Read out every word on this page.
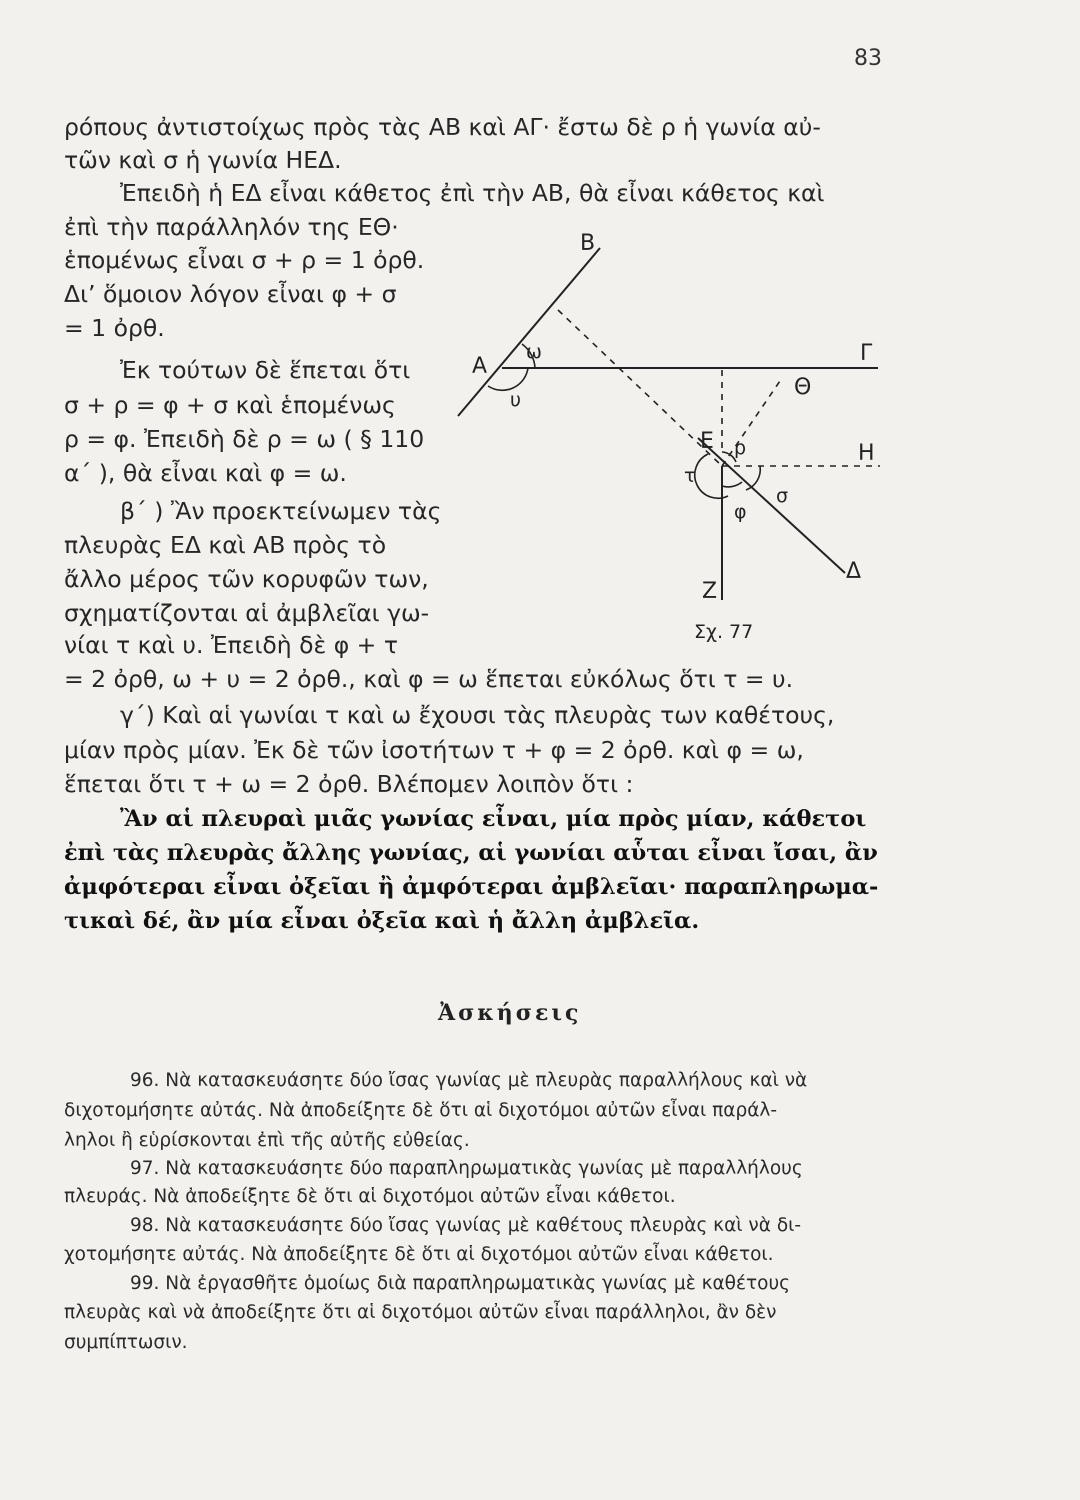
83
ρόπους ἀντιστοίχως πρὸς τὰς ΑΒ καὶ ΑΓ· ἔστω δὲ ρ ἡ γωνία αὐ-
τῶν καὶ σ ἡ γωνία ΗΕΔ.
Ἐπειδὴ ἡ ΕΔ εἶναι κάθετος ἐπὶ τὴν ΑΒ, θὰ εἶναι κάθετος καὶ
ἐπὶ τὴν παράλληλόν της ΕΘ·
ἑπομένως εἶναι σ + ρ = 1 ὀρθ.
Δι’ ὅμοιον λόγον εἶναι φ + σ
= 1 ὀρθ.
Ἐκ τούτων δὲ ἕπεται ὅτι
σ + ρ = φ + σ καὶ ἑπομένως
ρ = φ. Ἐπειδὴ δὲ ρ = ω ( § 110
α΄ ), θὰ εἶναι καὶ φ = ω.
β΄ ) Ἂν προεκτείνωμεν τὰς
πλευρὰς ΕΔ καὶ ΑΒ πρὸς τὸ
ἄλλο μέρος τῶν κορυφῶν των,
σχηματίζονται αἱ ἀμβλεῖαι γω-
νίαι τ καὶ υ. Ἐπειδὴ δὲ φ + τ
= 2 ὀρθ, ω + υ = 2 ὀρθ., καὶ φ = ω ἕπεται εὐκόλως ὅτι τ = υ.
γ΄) Καὶ αἱ γωνίαι τ καὶ ω ἔχουσι τὰς πλευρὰς των καθέτους,
μίαν πρὸς μίαν. Ἐκ δὲ τῶν ἰσοτήτων τ + φ = 2 ὀρθ. καὶ φ = ω,
ἕπεται ὅτι τ + ω = 2 ὀρθ. Βλέπομεν λοιπὸν ὅτι :
Ἂν αἱ πλευραὶ μιᾶς γωνίας εἶναι, μία πρὸς μίαν, κάθετοι
ἐπὶ τὰς πλευρὰς ἄλλης γωνίας, αἱ γωνίαι αὗται εἶναι ἴσαι, ἂν
ἀμφότεραι εἶναι ὀξεῖαι ἢ ἀμφότεραι ἀμβλεῖαι· παραπληρωμα-
τικαὶ δέ, ἂν μία εἶναι ὀξεῖα καὶ ἡ ἄλλη ἀμβλεῖα.
Ἀσκήσεις
96. Νὰ κατασκευάσητε δύο ἴσας γωνίας μὲ πλευρὰς παραλλήλους καὶ νὰ
διχοτομήσητε αὐτάς. Νὰ ἀποδείξητε δὲ ὅτι αἱ διχοτόμοι αὐτῶν εἶναι παράλ-
ληλοι ἢ εὑρίσκονται ἐπὶ τῆς αὐτῆς εὐθείας.
97. Νὰ κατασκευάσητε δύο παραπληρωματικὰς γωνίας μὲ παραλλήλους
πλευράς. Νὰ ἀποδείξητε δὲ ὅτι αἱ διχοτόμοι αὐτῶν εἶναι κάθετοι.
98. Νὰ κατασκευάσητε δύο ἴσας γωνίας μὲ καθέτους πλευρὰς καὶ νὰ δι-
χοτομήσητε αὐτάς. Νὰ ἀποδείξητε δὲ ὅτι αἱ διχοτόμοι αὐτῶν εἶναι κάθετοι.
99. Νὰ ἐργασθῆτε ὁμοίως διὰ παραπληρωματικὰς γωνίας μὲ καθέτους
πλευρὰς καὶ νὰ ἀποδείξητε ὅτι αἱ διχοτόμοι αὐτῶν εἶναι παράλληλοι, ἂν δὲν
συμπίπτωσιν.
Β
Α
ω
υ
Γ
Θ
Ε ρ	Η
τ
σ
φ
Ζ
Δ
Σχ. 77
